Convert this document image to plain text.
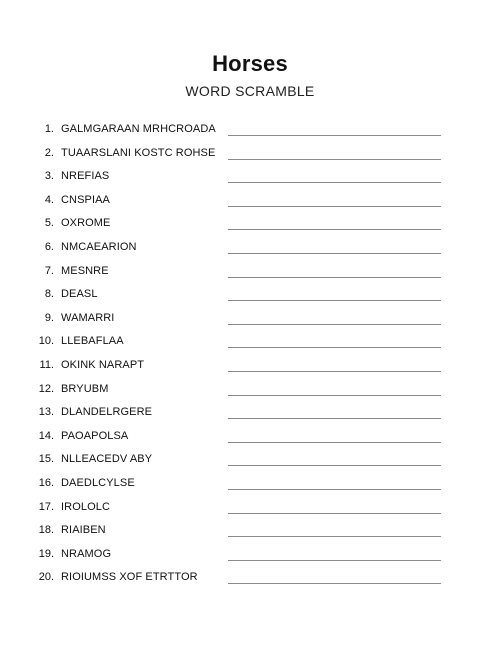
Horses
WORD SCRAMBLE
1. GALMGARAAN MRHCROADA
2. TUAARSLANI KOSTC ROHSE
3. NREFIAS
4. CNSPIAA
5. OXROME
6. NMCAEARION
7. MESNRE
8. DEASL
9. WAMARRI
10. LLEBAFLAA
11. OKINK NARAPT
12. BRYUBM
13. DLANDELRGERE
14. PAOAPOLSA
15. NLLEACEDV ABY
16. DAEDLCYLSE
17. IROLOLC
18. RIAIBEN
19. NRAMOG
20. RIOIUMSS XOF ETRTTOR
